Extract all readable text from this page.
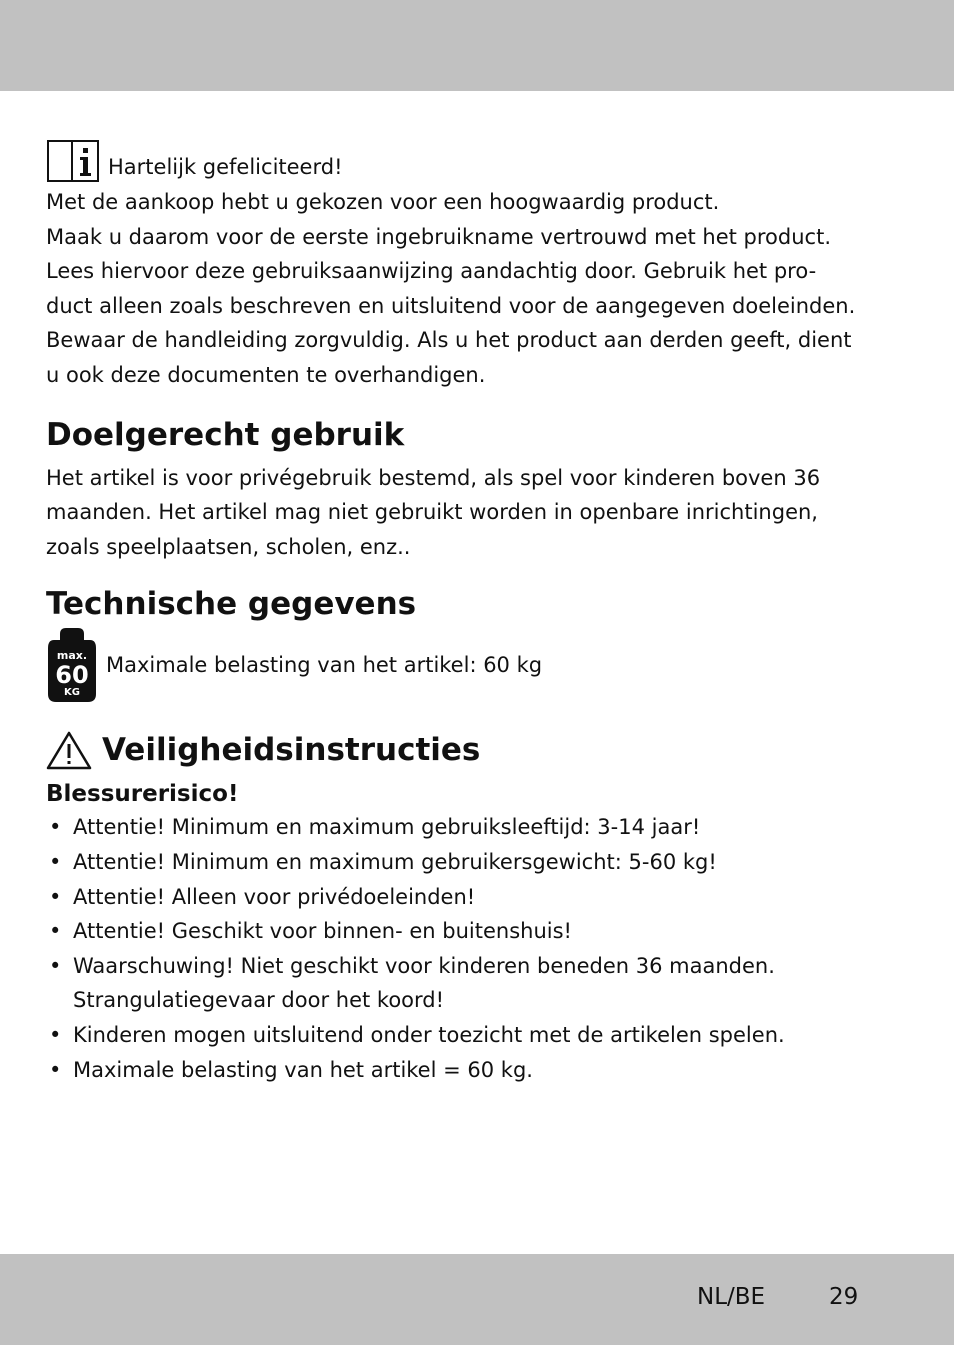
Hartelijk gefeliciteerd!

Met de aankoop hebt u gekozen voor een hoogwaardig product.
Maak u daarom voor de eerste ingebruikname vertrouwd met het product.
Lees hiervoor deze gebruiksaanwijzing aandachtig door. Gebruik het pro-
duct alleen zoals beschreven en uitsluitend voor de aangegeven doeleinden.
Bewaar de handleiding zorgvuldig. Als u het product aan derden geeft, dient
u ook deze documenten te overhandigen.

Doelgerecht gebruik

Het artikel is voor privégebruik bestemd, als spel voor kinderen boven 36
maanden. Het artikel mag niet gebruikt worden in openbare inrichtingen,
zoals speelplaatsen, scholen, enz..

Technische gegevens
max.
60
KG
Maximale belasting van het artikel: 60 kg
Veiligheidsinstructies
Blessurerisico!
• Attentie! Minimum en maximum gebruiksleeftijd: 3-14 jaar!
• Attentie! Minimum en maximum gebruikersgewicht: 5-60 kg!
• Attentie! Alleen voor privédoeleinden!
• Attentie! Geschikt voor binnen- en buitenshuis!
• Waarschuwing! Niet geschikt voor kinderen beneden 36 maanden.
Strangulatiegevaar door het koord!
• Kinderen mogen uitsluitend onder toezicht met de artikelen spelen.
• Maximale belasting van het artikel = 60 kg.
NL/BE	29
